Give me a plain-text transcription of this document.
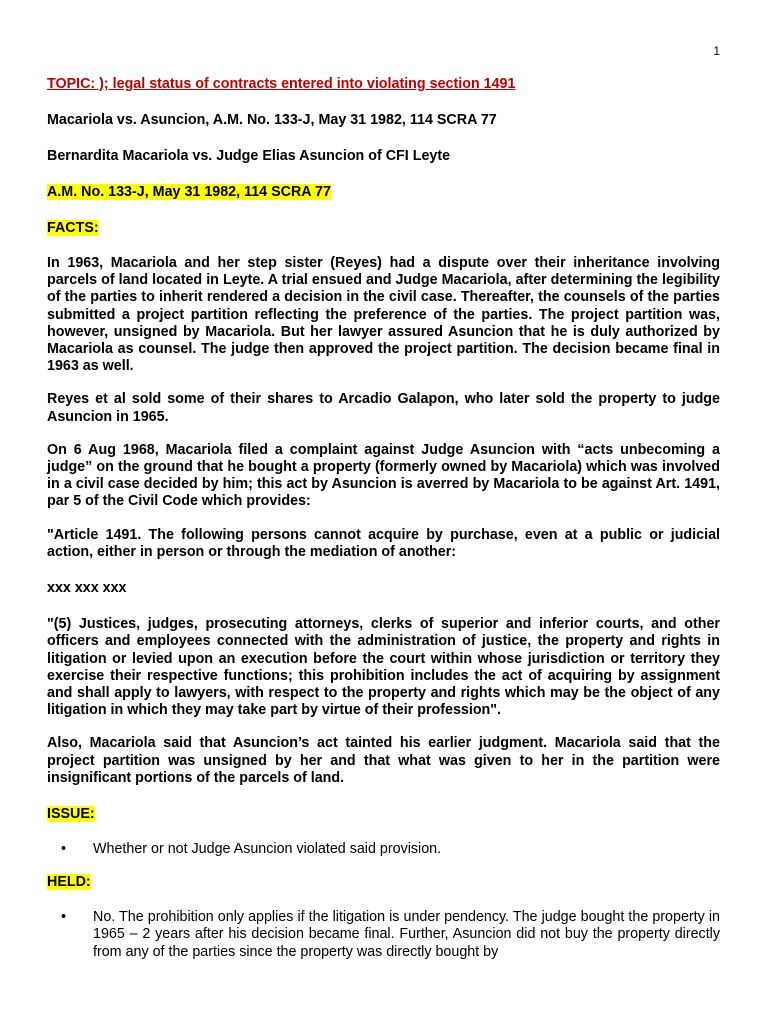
1

TOPIC: ); legal status of contracts entered into violating section 1491

Macariola vs. Asuncion, A.M. No. 133-J, May 31 1982, 114 SCRA 77

Bernardita Macariola vs. Judge Elias Asuncion of CFI Leyte

A.M. No. 133-J, May 31 1982, 114 SCRA 77

FACTS:

In 1963, Macariola and her step sister (Reyes) had a dispute over their inheritance involving parcels of land located in Leyte. A trial ensued and Judge Macariola, after determining the legibility of the parties to inherit rendered a decision in the civil case. Thereafter, the counsels of the parties submitted a project partition reflecting the preference of the parties. The project partition was, however, unsigned by Macariola. But her lawyer assured Asuncion that he is duly authorized by Macariola as counsel. The judge then approved the project partition. The decision became final in 1963 as well.

Reyes et al sold some of their shares to Arcadio Galapon, who later sold the property to judge Asuncion in 1965.

On 6 Aug 1968, Macariola filed a complaint against Judge Asuncion with “acts unbecoming a judge” on the ground that he bought a property (formerly owned by Macariola) which was involved in a civil case decided by him; this act by Asuncion is averred by Macariola to be against Art. 1491, par 5 of the Civil Code which provides:

"Article 1491. The following persons cannot acquire by purchase, even at a public or judicial action, either in person or through the mediation of another:

xxx xxx xxx

"(5) Justices, judges, prosecuting attorneys, clerks of superior and inferior courts, and other officers and employees connected with the administration of justice, the property and rights in litigation or levied upon an execution before the court within whose jurisdiction or territory they exercise their respective functions; this prohibition includes the act of acquiring by assignment and shall apply to lawyers, with respect to the property and rights which may be the object of any litigation in which they may take part by virtue of their profession".

Also, Macariola said that Asuncion’s act tainted his earlier judgment. Macariola said that the project partition was unsigned by her and that what was given to her in the partition were insignificant portions of the parcels of land.

ISSUE:

• Whether or not Judge Asuncion violated said provision.

HELD:

• No. The prohibition only applies if the litigation is under pendency. The judge bought the property in 1965 – 2 years after his decision became final. Further, Asuncion did not buy the property directly from any of the parties since the property was directly bought by
